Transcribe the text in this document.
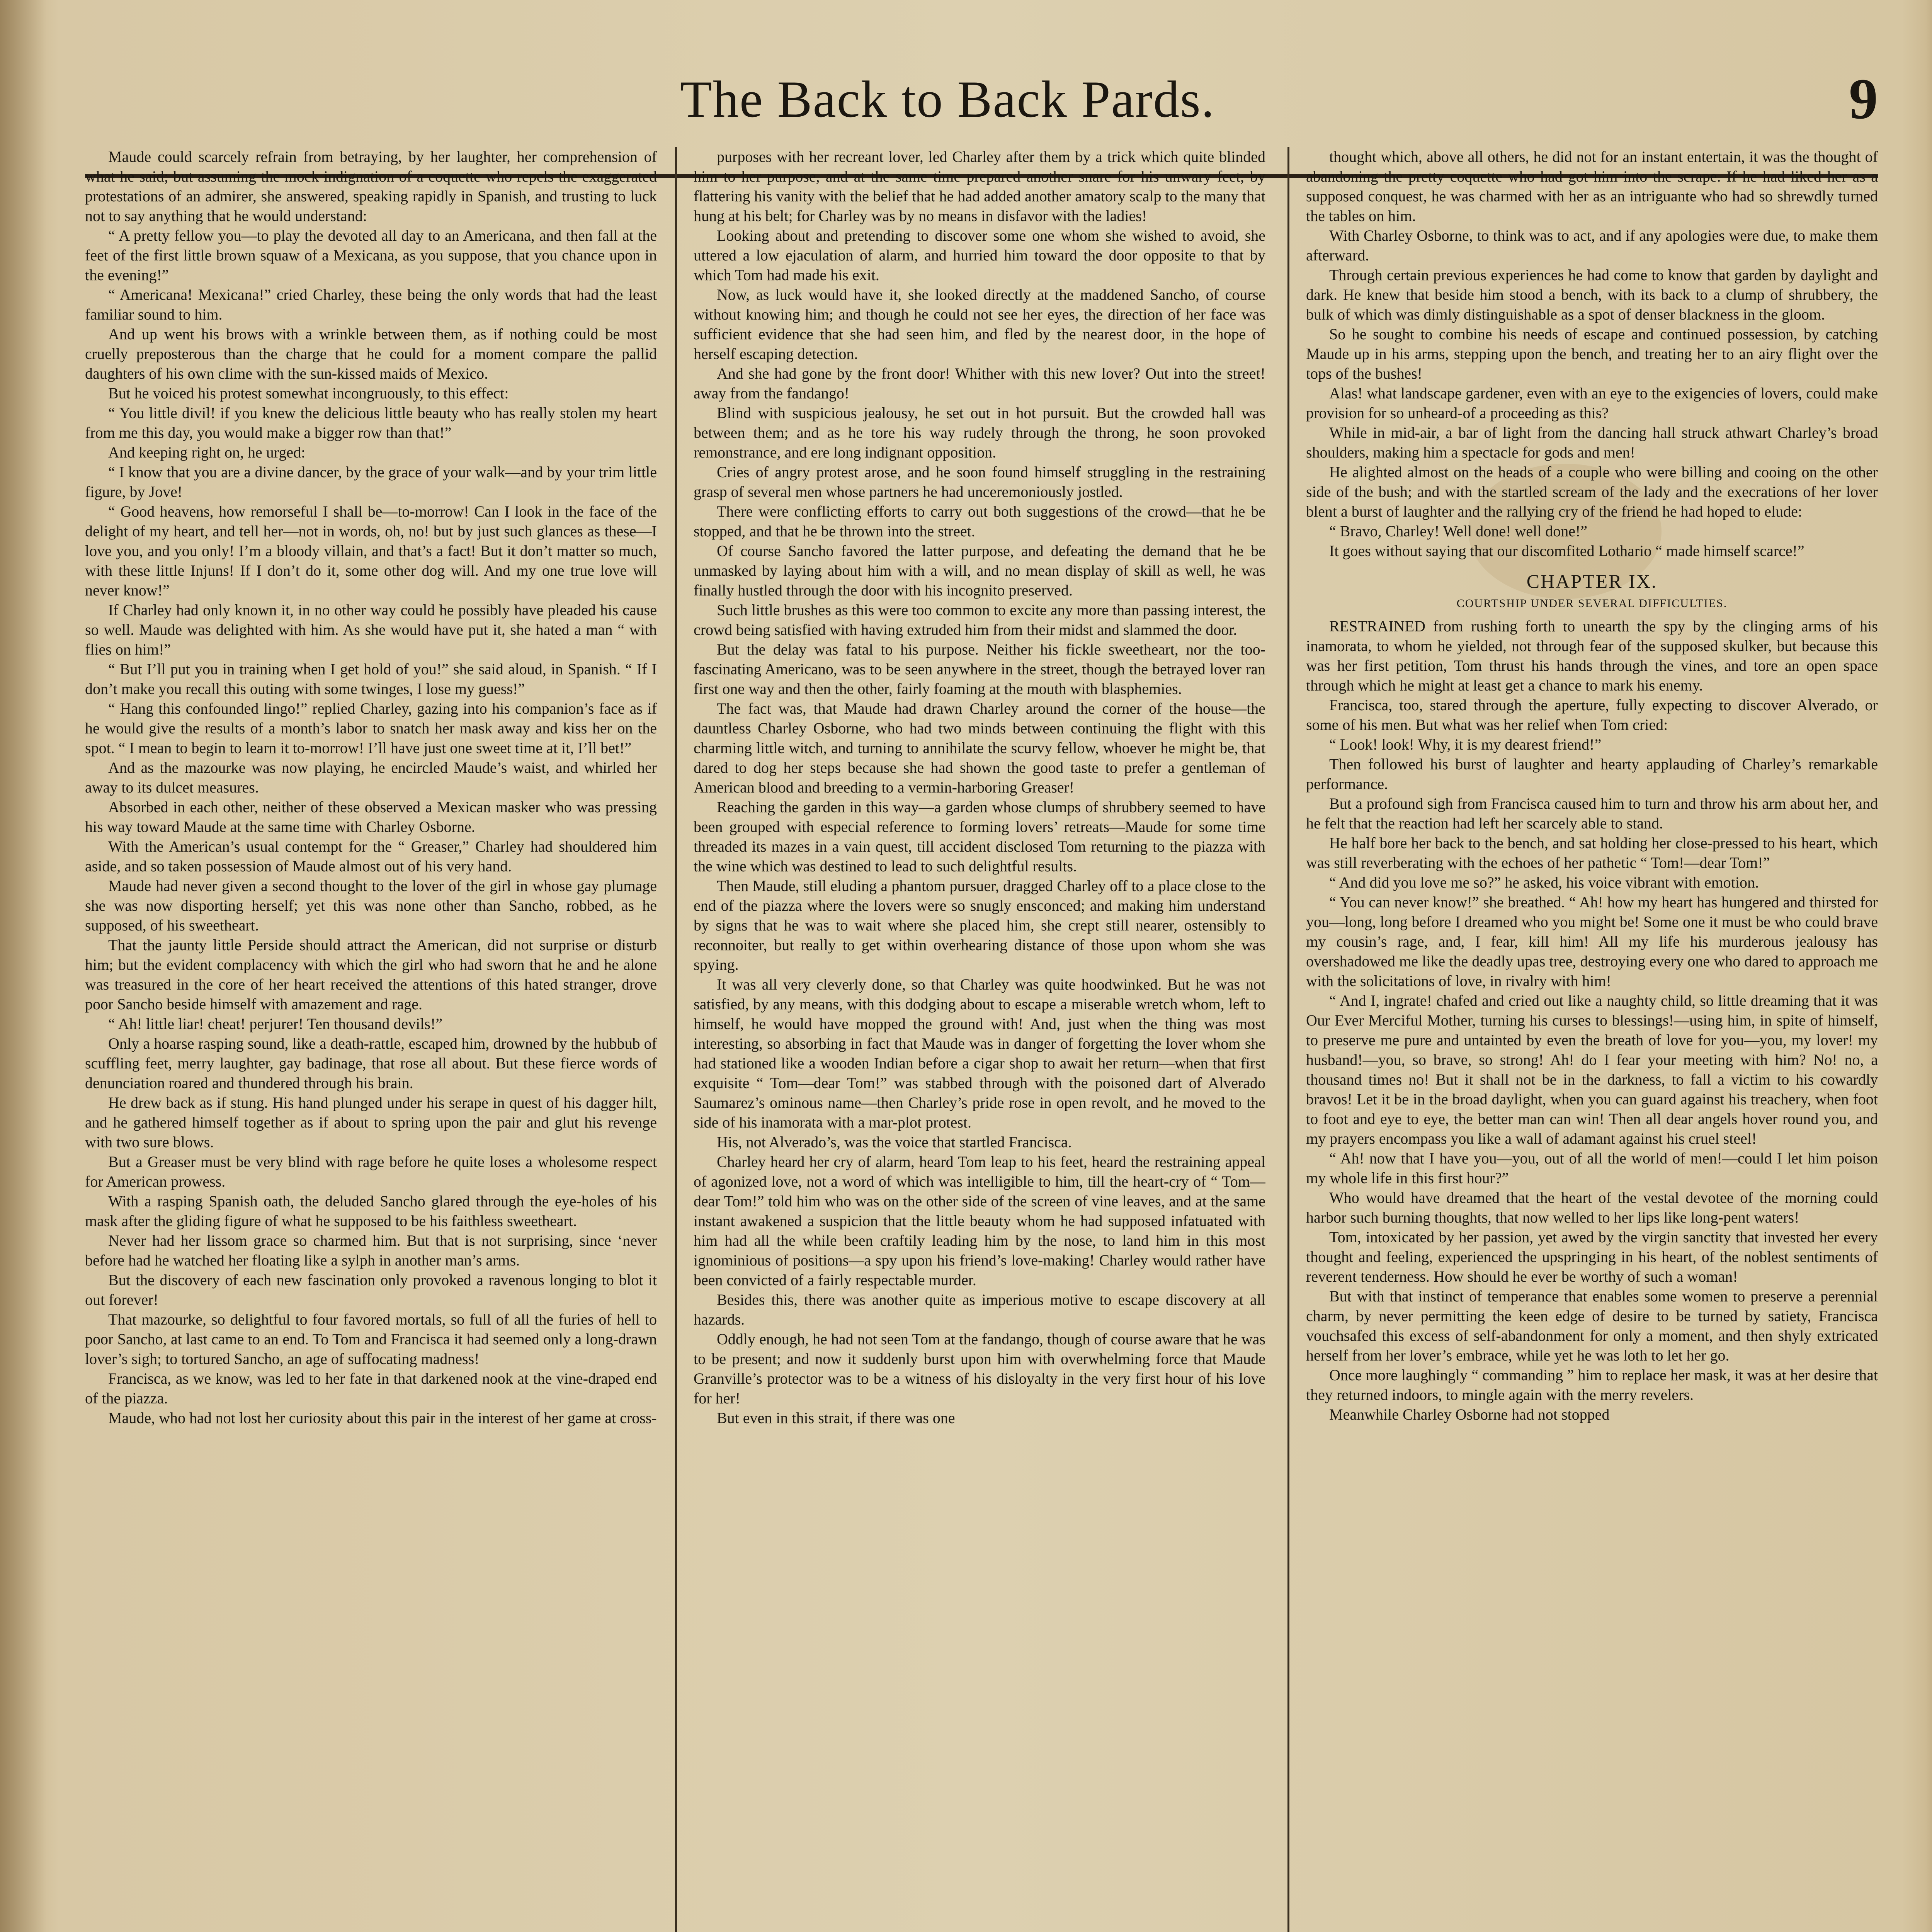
The Back to Back Pards.	9

Maude could scarcely refrain from betraying, by her laughter, her comprehension of what he said; but assuming the mock indignation of a coquette who repels the exaggerated protestations of an admirer, she answered, speaking rapidly in Spanish, and trusting to luck not to say anything that he would understand:

“ A pretty fellow you—to play the devoted all day to an Americana, and then fall at the feet of the first little brown squaw of a Mexicana, as you suppose, that you chance upon in the evening!”

“ Americana! Mexicana!” cried Charley, these being the only words that had the least familiar sound to him.

And up went his brows with a wrinkle between them, as if nothing could be most cruelly preposterous than the charge that he could for a moment compare the pallid daughters of his own clime with the sun-kissed maids of Mexico.

But he voiced his protest somewhat incongruously, to this effect:

“ You little divil! if you knew the delicious little beauty who has really stolen my heart from me this day, you would make a bigger row than that!”

And keeping right on, he urged:

“ I know that you are a divine dancer, by the grace of your walk—and by your trim little figure, by Jove!

“ Good heavens, how remorseful I shall be—to-morrow! Can I look in the face of the delight of my heart, and tell her—not in words, oh, no! but by just such glances as these—I love you, and you only! I’m a bloody villain, and that’s a fact! But it don’t matter so much, with these little Injuns! If I don’t do it, some other dog will. And my one true love will never know!”

If Charley had only known it, in no other way could he possibly have pleaded his cause so well. Maude was delighted with him. As she would have put it, she hated a man “ with flies on him!”

“ But I’ll put you in training when I get hold of you!” she said aloud, in Spanish. “ If I don’t make you recall this outing with some twinges, I lose my guess!”

“ Hang this confounded lingo!” replied Charley, gazing into his companion’s face as if he would give the results of a month’s labor to snatch her mask away and kiss her on the spot. “ I mean to begin to learn it to-morrow! I’ll have just one sweet time at it, I’ll bet!”

And as the mazourke was now playing, he encircled Maude’s waist, and whirled her away to its dulcet measures.

Absorbed in each other, neither of these observed a Mexican masker who was pressing his way toward Maude at the same time with Charley Osborne.

With the American’s usual contempt for the “ Greaser,” Charley had shouldered him aside, and so taken possession of Maude almost out of his very hand.

Maude had never given a second thought to the lover of the girl in whose gay plumage she was now disporting herself; yet this was none other than Sancho, robbed, as he supposed, of his sweetheart.

That the jaunty little Perside should attract the American, did not surprise or disturb him; but the evident complacency with which the girl who had sworn that he and he alone was treasured in the core of her heart received the attentions of this hated stranger, drove poor Sancho beside himself with amazement and rage.

“ Ah! little liar! cheat! perjurer! Ten thousand devils!”

Only a hoarse rasping sound, like a death-rattle, escaped him, drowned by the hubbub of scuffling feet, merry laughter, gay badinage, that rose all about. But these fierce words of denunciation roared and thundered through his brain.

He drew back as if stung. His hand plunged under his serape in quest of his dagger hilt, and he gathered himself together as if about to spring upon the pair and glut his revenge with two sure blows.

But a Greaser must be very blind with rage before he quite loses a wholesome respect for American prowess.

With a rasping Spanish oath, the deluded Sancho glared through the eye-holes of his mask after the gliding figure of what he supposed to be his faithless sweetheart.

Never had her lissom grace so charmed him. But that is not surprising, since ‘never before had he watched her floating like a sylph in another man’s arms.

But the discovery of each new fascination only provoked a ravenous longing to blot it out forever!

That mazourke, so delightful to four favored mortals, so full of all the furies of hell to poor Sancho, at last came to an end. To Tom and Francisca it had seemed only a long-drawn lover’s sigh; to tortured Sancho, an age of suffocating madness!

Francisca, as we know, was led to her fate in that darkened nook at the vine-draped end of the piazza.

Maude, who had not lost her curiosity about this pair in the interest of her game at cross-

purposes with her recreant lover, led Charley after them by a trick which quite blinded him to her purpose, and at the same time prepared another snare for his unwary feet, by flattering his vanity with the belief that he had added another amatory scalp to the many that hung at his belt; for Charley was by no means in disfavor with the ladies!

Looking about and pretending to discover some one whom she wished to avoid, she uttered a low ejaculation of alarm, and hurried him toward the door opposite to that by which Tom had made his exit.

Now, as luck would have it, she looked directly at the maddened Sancho, of course without knowing him; and though he could not see her eyes, the direction of her face was sufficient evidence that she had seen him, and fled by the nearest door, in the hope of herself escaping detection.

And she had gone by the front door! Whither with this new lover? Out into the street! away from the fandango!

Blind with suspicious jealousy, he set out in hot pursuit. But the crowded hall was between them; and as he tore his way rudely through the throng, he soon provoked remonstrance, and ere long indignant opposition.

Cries of angry protest arose, and he soon found himself struggling in the restraining grasp of several men whose partners he had unceremoniously jostled.

There were conflicting efforts to carry out both suggestions of the crowd—that he be stopped, and that he be thrown into the street.

Of course Sancho favored the latter purpose, and defeating the demand that he be unmasked by laying about him with a will, and no mean display of skill as well, he was finally hustled through the door with his incognito preserved.

Such little brushes as this were too common to excite any more than passing interest, the crowd being satisfied with having extruded him from their midst and slammed the door.

But the delay was fatal to his purpose. Neither his fickle sweetheart, nor the too-fascinating Americano, was to be seen anywhere in the street, though the betrayed lover ran first one way and then the other, fairly foaming at the mouth with blasphemies.

The fact was, that Maude had drawn Charley around the corner of the house—the dauntless Charley Osborne, who had two minds between continuing the flight with this charming little witch, and turning to annihilate the scurvy fellow, whoever he might be, that dared to dog her steps because she had shown the good taste to prefer a gentleman of American blood and breeding to a vermin-harboring Greaser!

Reaching the garden in this way—a garden whose clumps of shrubbery seemed to have been grouped with especial reference to forming lovers’ retreats—Maude for some time threaded its mazes in a vain quest, till accident disclosed Tom returning to the piazza with the wine which was destined to lead to such delightful results.

Then Maude, still eluding a phantom pursuer, dragged Charley off to a place close to the end of the piazza where the lovers were so snugly ensconced; and making him understand by signs that he was to wait where she placed him, she crept still nearer, ostensibly to reconnoiter, but really to get within overhearing distance of those upon whom she was spying.

It was all very cleverly done, so that Charley was quite hoodwinked. But he was not satisfied, by any means, with this dodging about to escape a miserable wretch whom, left to himself, he would have mopped the ground with! And, just when the thing was most interesting, so absorbing in fact that Maude was in danger of forgetting the lover whom she had stationed like a wooden Indian before a cigar shop to await her return—when that first exquisite “ Tom—dear Tom!” was stabbed through with the poisoned dart of Alverado Saumarez’s ominous name—then Charley’s pride rose in open revolt, and he moved to the side of his inamorata with a mar-plot protest.

His, not Alverado’s, was the voice that startled Francisca.

Charley heard her cry of alarm, heard Tom leap to his feet, heard the restraining appeal of agonized love, not a word of which was intelligible to him, till the heart-cry of “ Tom—dear Tom!” told him who was on the other side of the screen of vine leaves, and at the same instant awakened a suspicion that the little beauty whom he had supposed infatuated with him had all the while been craftily leading him by the nose, to land him in this most ignominious of positions—a spy upon his friend’s love-making! Charley would rather have been convicted of a fairly respectable murder.

Besides this, there was another quite as imperious motive to escape discovery at all hazards.

Oddly enough, he had not seen Tom at the fandango, though of course aware that he was to be present; and now it suddenly burst upon him with overwhelming force that Maude Granville’s protector was to be a witness of his disloyalty in the very first hour of his love for her!

But even in this strait, if there was one

thought which, above all others, he did not for an instant entertain, it was the thought of abandoning the pretty coquette who had got him into the scrape. If he had liked her as a supposed conquest, he was charmed with her as an intriguante who had so shrewdly turned the tables on him.

With Charley Osborne, to think was to act, and if any apologies were due, to make them afterward.

Through certain previous experiences he had come to know that garden by daylight and dark. He knew that beside him stood a bench, with its back to a clump of shrubbery, the bulk of which was dimly distinguishable as a spot of denser blackness in the gloom.

So he sought to combine his needs of escape and continued possession, by catching Maude up in his arms, stepping upon the bench, and treating her to an airy flight over the tops of the bushes!

Alas! what landscape gardener, even with an eye to the exigencies of lovers, could make provision for so unheard-of a proceeding as this?

While in mid-air, a bar of light from the dancing hall struck athwart Charley’s broad shoulders, making him a spectacle for gods and men!

He alighted almost on the heads of a couple who were billing and cooing on the other side of the bush; and with the startled scream of the lady and the execrations of her lover blent a burst of laughter and the rallying cry of the friend he had hoped to elude:

“ Bravo, Charley! Well done! well done!”

It goes without saying that our discomfited Lothario “ made himself scarce!”

CHAPTER IX.
COURTSHIP UNDER SEVERAL DIFFICULTIES.

RESTRAINED from rushing forth to unearth the spy by the clinging arms of his inamorata, to whom he yielded, not through fear of the supposed skulker, but because this was her first petition, Tom thrust his hands through the vines, and tore an open space through which he might at least get a chance to mark his enemy.

Francisca, too, stared through the aperture, fully expecting to discover Alverado, or some of his men. But what was her relief when Tom cried:

“ Look! look! Why, it is my dearest friend!”

Then followed his burst of laughter and hearty applauding of Charley’s remarkable performance.

But a profound sigh from Francisca caused him to turn and throw his arm about her, and he felt that the reaction had left her scarcely able to stand.

He half bore her back to the bench, and sat holding her close-pressed to his heart, which was still reverberating with the echoes of her pathetic “ Tom!—dear Tom!”

“ And did you love me so?” he asked, his voice vibrant with emotion.

“ You can never know!” she breathed. “ Ah! how my heart has hungered and thirsted for you—long, long before I dreamed who you might be! Some one it must be who could brave my cousin’s rage, and, I fear, kill him! All my life his murderous jealousy has overshadowed me like the deadly upas tree, destroying every one who dared to approach me with the solicitations of love, in rivalry with him!

“ And I, ingrate! chafed and cried out like a naughty child, so little dreaming that it was Our Ever Merciful Mother, turning his curses to blessings!—using him, in spite of himself, to preserve me pure and untainted by even the breath of love for you—you, my lover! my husband!—you, so brave, so strong! Ah! do I fear your meeting with him? No! no, a thousand times no! But it shall not be in the darkness, to fall a victim to his cowardly bravos! Let it be in the broad daylight, when you can guard against his treachery, when foot to foot and eye to eye, the better man can win! Then all dear angels hover round you, and my prayers encompass you like a wall of adamant against his cruel steel!

“ Ah! now that I have you—you, out of all the world of men!—could I let him poison my whole life in this first hour?”

Who would have dreamed that the heart of the vestal devotee of the morning could harbor such burning thoughts, that now welled to her lips like long-pent waters!

Tom, intoxicated by her passion, yet awed by the virgin sanctity that invested her every thought and feeling, experienced the upspringing in his heart, of the noblest sentiments of reverent tenderness. How should he ever be worthy of such a woman!

But with that instinct of temperance that enables some women to preserve a perennial charm, by never permitting the keen edge of desire to be turned by satiety, Francisca vouchsafed this excess of self-abandonment for only a moment, and then shyly extricated herself from her lover’s embrace, while yet he was loth to let her go.

Once more laughingly “ commanding ” him to replace her mask, it was at her desire that they returned indoors, to mingle again with the merry revelers.

Meanwhile Charley Osborne had not stopped
